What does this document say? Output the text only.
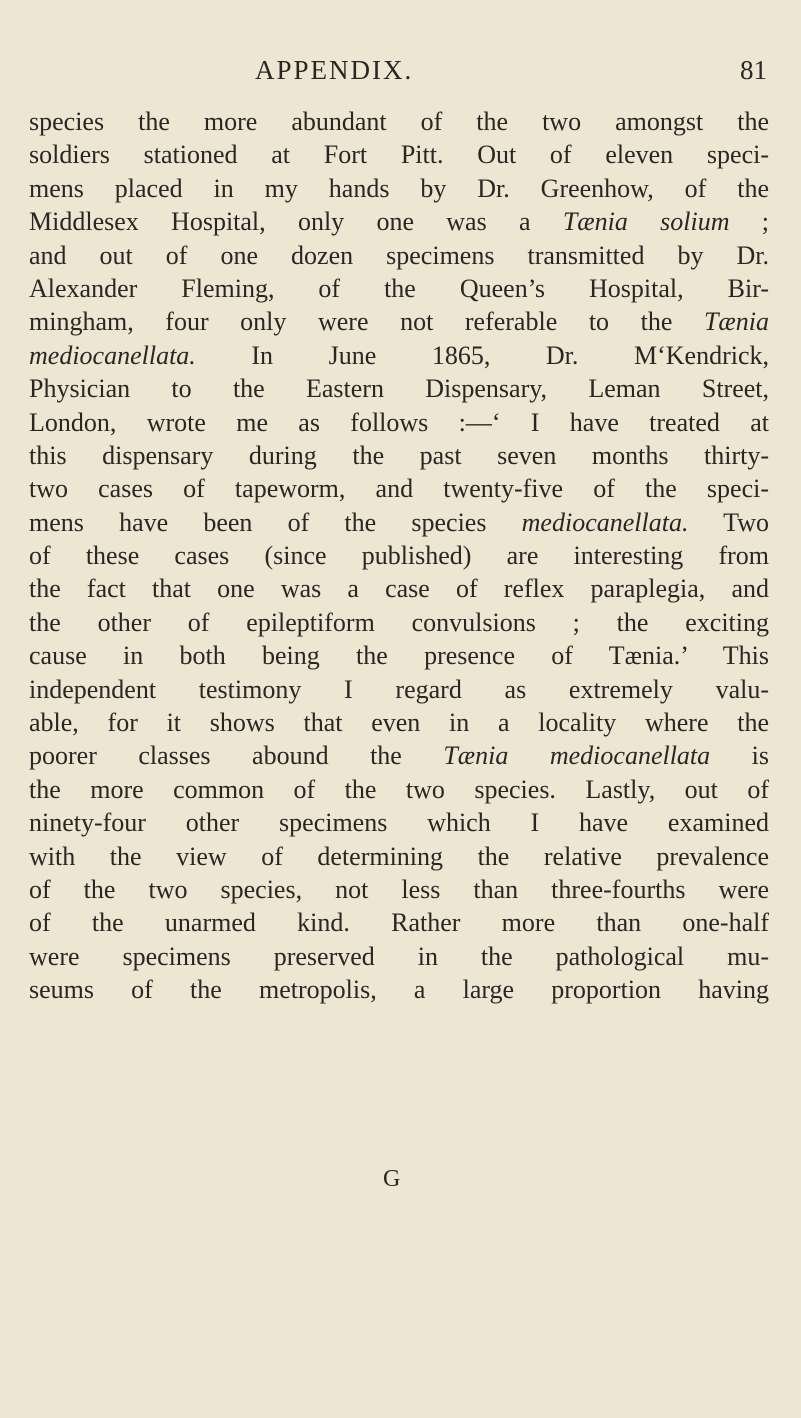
APPENDIX.	81
species the more abundant of the two amongst the
soldiers stationed at Fort Pitt. Out of eleven speci-
mens placed in my hands by Dr. Greenhow, of the
Middlesex Hospital, only one was a Tænia solium ;
and out of one dozen specimens transmitted by Dr.
Alexander Fleming, of the Queen’s Hospital, Bir-
mingham, four only were not referable to the Tænia
mediocanellata. In June 1865, Dr. M‘Kendrick,
Physician to the Eastern Dispensary, Leman Street,
London, wrote me as follows :—‘ I have treated at
this dispensary during the past seven months thirty-
two cases of tapeworm, and twenty-five of the speci-
mens have been of the species mediocanellata. Two
of these cases (since published) are interesting from
the fact that one was a case of reflex paraplegia, and
the other of epileptiform convulsions ; the exciting
cause in both being the presence of Tænia.’ This
independent testimony I regard as extremely valu-
able, for it shows that even in a locality where the
poorer classes abound the Tænia mediocanellata is
the more common of the two species. Lastly, out of
ninety-four other specimens which I have examined
with the view of determining the relative prevalence
of the two species, not less than three-fourths were
of the unarmed kind. Rather more than one-half
were specimens preserved in the pathological mu-
seums of the metropolis, a large proportion having
G
